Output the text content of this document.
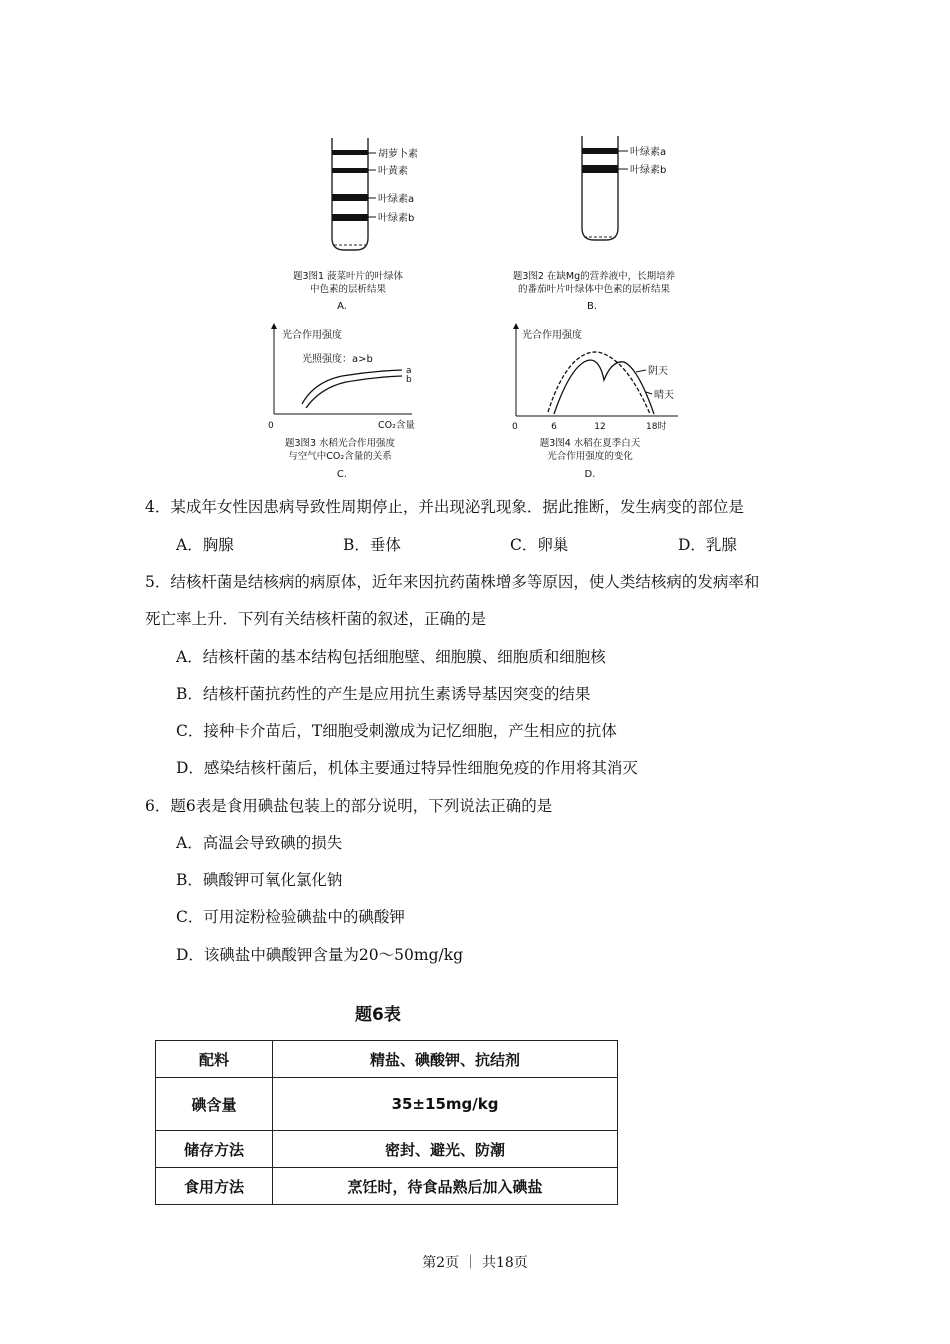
胡萝卜素
叶黄素
叶绿素a
叶绿素b
题3图1 菠菜叶片的叶绿体
中色素的层析结果
A.
叶绿素a
叶绿素b
题3图2 在缺Mg的营养液中，长期培养
的番茄叶片叶绿体中色素的层析结果
B.
光合作用强度
光照强度：a>b
a
b
0	CO₂含量
题3图3 水稻光合作用强度
与空气中CO₂含量的关系
C.
光合作用强度
阴天
晴天
0	6	12	18时
题3图4 水稻在夏季白天
光合作用强度的变化
D.
4．某成年女性因患病导致性周期停止，并出现泌乳现象．据此推断，发生病变的部位是
A．胸腺	B．垂体	C．卵巢	D．乳腺
5．结核杆菌是结核病的病原体，近年来因抗药菌株增多等原因，使人类结核病的发病率和
死亡率上升．下列有关结核杆菌的叙述，正确的是
A．结核杆菌的基本结构包括细胞壁、细胞膜、细胞质和细胞核
B．结核杆菌抗药性的产生是应用抗生素诱导基因突变的结果
C．接种卡介苗后，T细胞受刺激成为记忆细胞，产生相应的抗体
D．感染结核杆菌后，机体主要通过特异性细胞免疫的作用将其消灭
6．题6表是食用碘盐包装上的部分说明，下列说法正确的是
A．高温会导致碘的损失
B．碘酸钾可氧化氯化钠
C．可用淀粉检验碘盐中的碘酸钾
D．该碘盐中碘酸钾含量为20～50mg/kg
题6表
配料	精盐、碘酸钾、抗结剂
碘含量	35±15mg/kg
储存方法	密封、避光、防潮
食用方法	烹饪时，待食品熟后加入碘盐
第2页 ｜ 共18页
